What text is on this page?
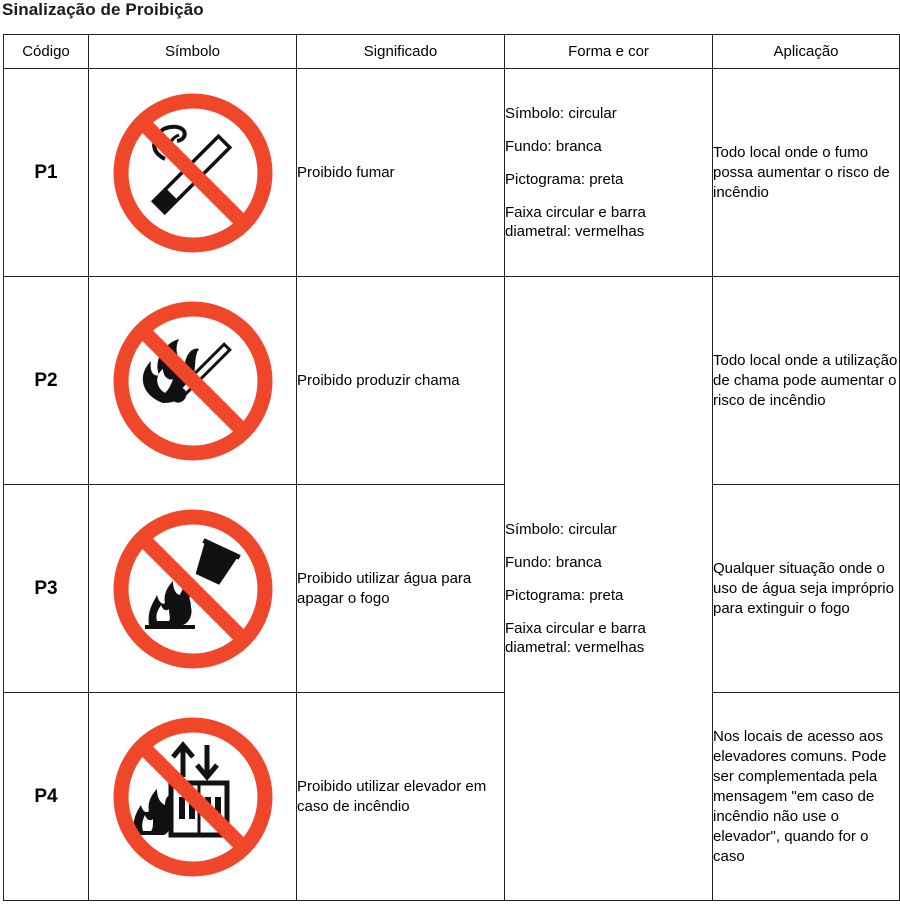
Sinalização de Proibição
Código	Símbolo	Significado	Forma e cor	Aplicação
P1		Proibido fumar	Símbolo: circular
Fundo: branca
Pictograma: preta
Faixa circular e barra diametral: vermelhas	Todo local onde o fumo possa aumentar o risco de incêndio
P2		Proibido produzir chama	Símbolo: circular
Fundo: branca
Pictograma: preta
Faixa circular e barra diametral: vermelhas	Todo local onde a utilização de chama pode aumentar o risco de incêndio
P3		Proibido utilizar água para apagar o fogo		Qualquer situação onde o uso de água seja impróprio para extinguir o fogo
P4		Proibido utilizar elevador em caso de incêndio		Nos locais de acesso aos elevadores comuns. Pode ser complementada pela mensagem "em caso de incêndio não use o elevador", quando for o caso
